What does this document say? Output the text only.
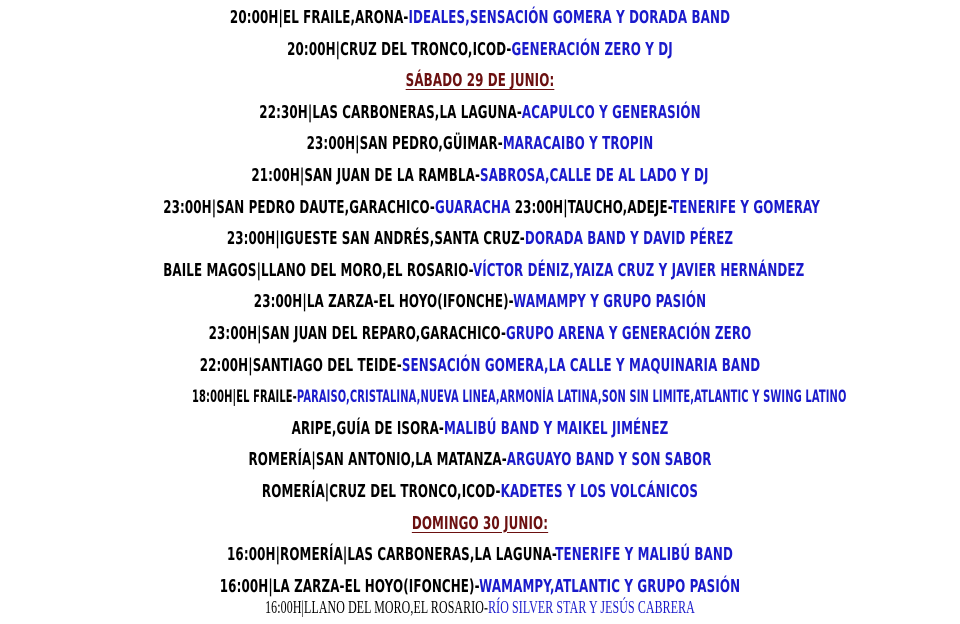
20:00H|EL FRAILE,ARONA-IDEALES,SENSACIÓN GOMERA Y DORADA BAND
20:00H|CRUZ DEL TRONCO,ICOD-GENERACIÓN ZERO Y DJ
SÁBADO 29 DE JUNIO:
22:30H|LAS CARBONERAS,LA LAGUNA-ACAPULCO Y GENERASIÓN
23:00H|SAN PEDRO,GÜIMAR-MARACAIBO Y TROPIN
21:00H|SAN JUAN DE LA RAMBLA-SABROSA,CALLE DE AL LADO Y DJ
23:00H|SAN PEDRO DAUTE,GARACHICO-GUARACHA 23:00H|TAUCHO,ADEJE-TENERIFE Y GOMERAY
23:00H|IGUESTE SAN ANDRÉS,SANTA CRUZ-DORADA BAND Y DAVID PÉREZ
BAILE MAGOS|LLANO DEL MORO,EL ROSARIO-VÍCTOR DÉNIZ,YAIZA CRUZ Y JAVIER HERNÁNDEZ
23:00H|LA ZARZA-EL HOYO(IFONCHE)-WAMAMPY Y GRUPO PASIÓN
23:00H|SAN JUAN DEL REPARO,GARACHICO-GRUPO ARENA Y GENERACIÓN ZERO
22:00H|SANTIAGO DEL TEIDE-SENSACIÓN GOMERA,LA CALLE Y MAQUINARIA BAND
18:00H|EL FRAILE-PARAISO,CRISTALINA,NUEVA LINEA,ARMONÍA LATINA,SON SIN LIMITE,ATLANTIC Y SWING LATINO
ARIPE,GUÍA DE ISORA-MALIBÚ BAND Y MAIKEL JIMÉNEZ
ROMERÍA|SAN ANTONIO,LA MATANZA-ARGUAYO BAND Y SON SABOR
ROMERÍA|CRUZ DEL TRONCO,ICOD-KADETES Y LOS VOLCÁNICOS
DOMINGO 30 JUNIO:
16:00H|ROMERÍA|LAS CARBONERAS,LA LAGUNA-TENERIFE Y MALIBÚ BAND
16:00H|LA ZARZA-EL HOYO(IFONCHE)-WAMAMPY,ATLANTIC Y GRUPO PASIÓN
16:00H|LLANO DEL MORO,EL ROSARIO-RÍO SILVER STAR Y JESÚS CABRERA
